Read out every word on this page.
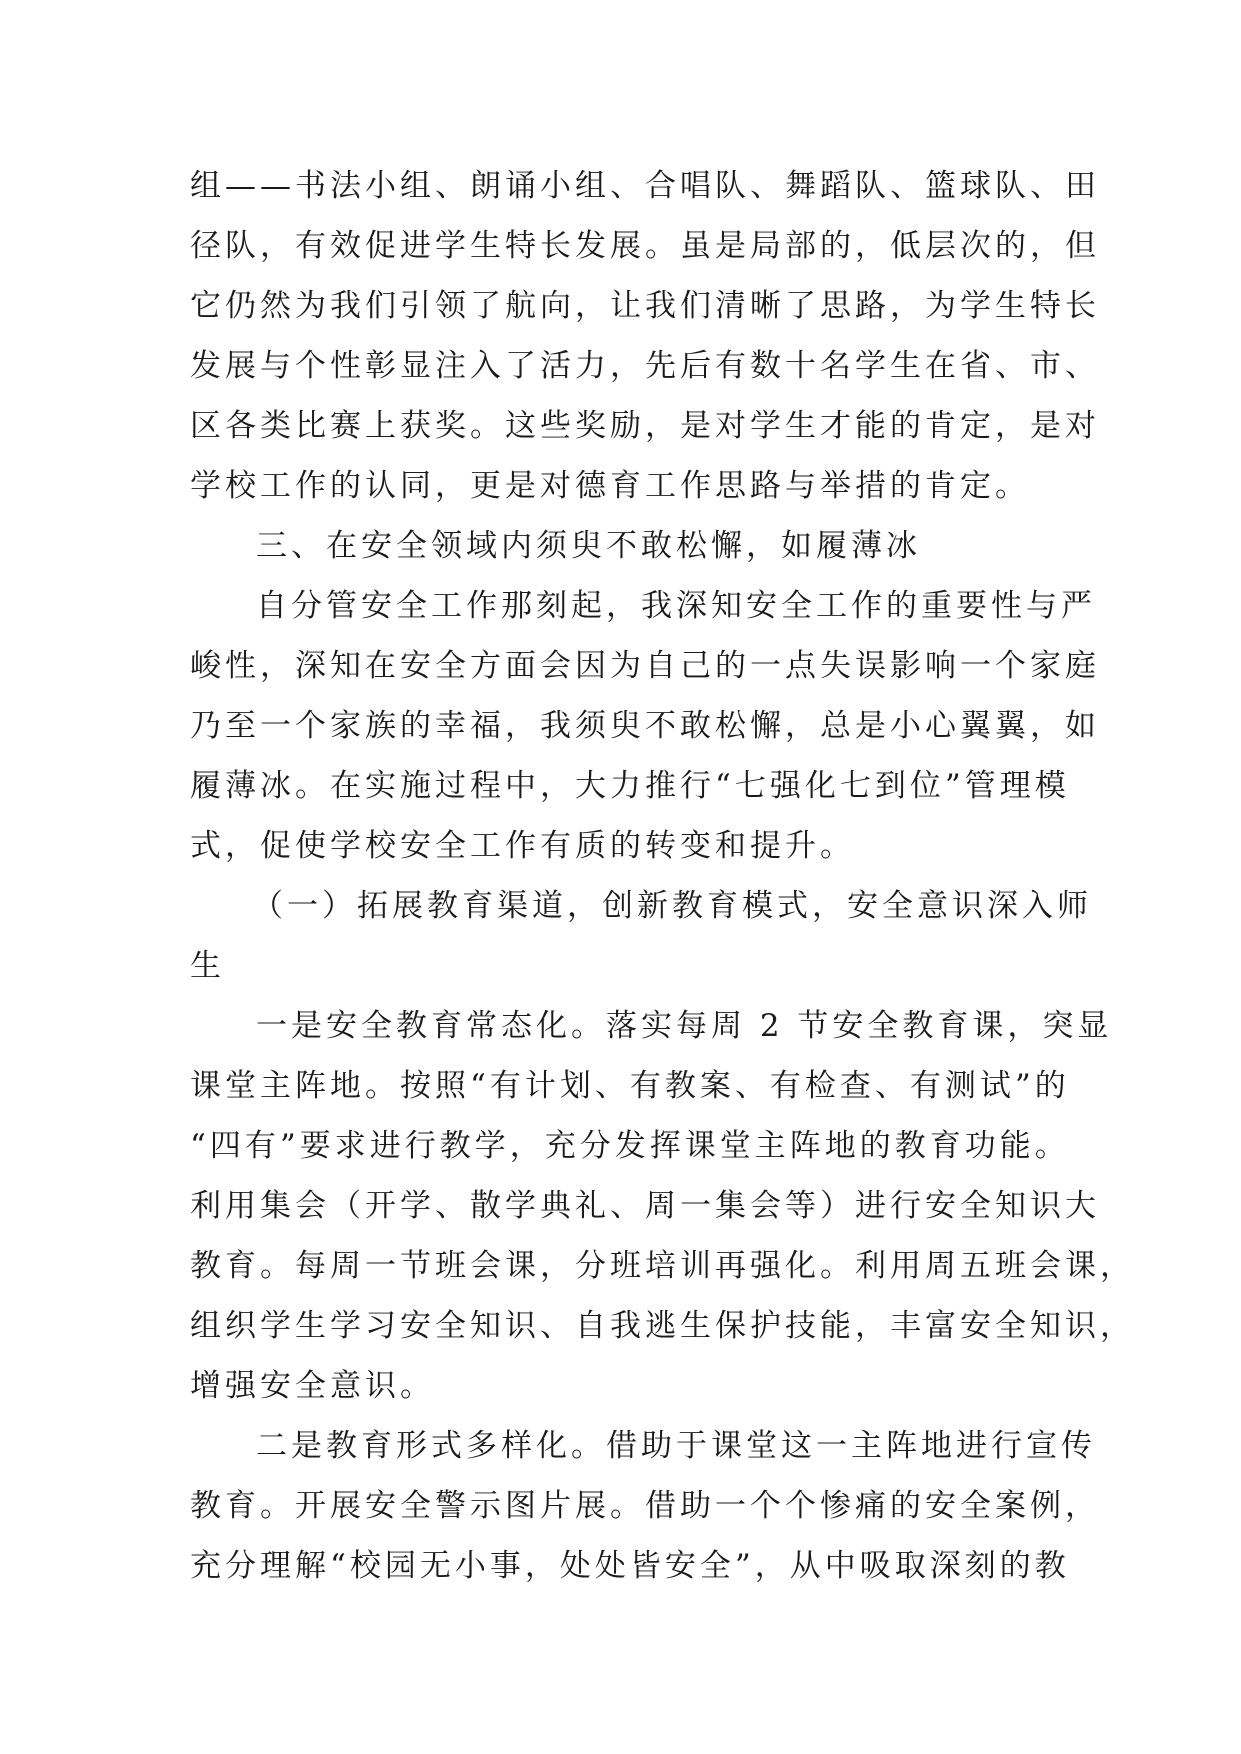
组——书法小组、朗诵小组、合唱队、舞蹈队、篮球队、田
径队，有效促进学生特长发展。虽是局部的，低层次的，但
它仍然为我们引领了航向，让我们清晰了思路，为学生特长
发展与个性彰显注入了活力，先后有数十名学生在省、市、
区各类比赛上获奖。这些奖励，是对学生才能的肯定，是对
学校工作的认同，更是对德育工作思路与举措的肯定。
三、在安全领域内须臾不敢松懈，如履薄冰
自分管安全工作那刻起，我深知安全工作的重要性与严
峻性，深知在安全方面会因为自己的一点失误影响一个家庭
乃至一个家族的幸福，我须臾不敢松懈，总是小心翼翼，如
履薄冰。在实施过程中，大力推行“七强化七到位”管理模
式，促使学校安全工作有质的转变和提升。
（一）拓展教育渠道，创新教育模式，安全意识深入师
生
一是安全教育常态化。落实每周 2 节安全教育课，突显
课堂主阵地。按照“有计划、有教案、有检查、有测试”的
“四有”要求进行教学，充分发挥课堂主阵地的教育功能。
利用集会（开学、散学典礼、周一集会等）进行安全知识大
教育。每周一节班会课，分班培训再强化。利用周五班会课，
组织学生学习安全知识、自我逃生保护技能，丰富安全知识，
增强安全意识。
二是教育形式多样化。借助于课堂这一主阵地进行宣传
教育。开展安全警示图片展。借助一个个惨痛的安全案例，
充分理解“校园无小事，处处皆安全”，从中吸取深刻的教
